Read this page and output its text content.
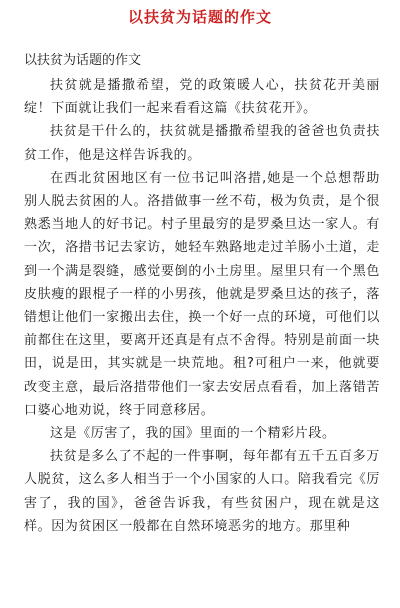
以扶贫为话题的作文
以扶贫为话题的作文

扶贫就是播撒希望，党的政策暖人心，扶贫花开美丽绽！下面就让我们一起来看看这篇《扶贫花开》。

扶贫是干什么的，扶贫就是播撒希望我的爸爸也负责扶贫工作，他是这样告诉我的。

在西北贫困地区有一位书记叫洛措,她是一个总想帮助别人脱去贫困的人。洛措做事一丝不苟，极为负责，是个很熟悉当地人的好书记。村子里最穷的是罗桑旦达一家人。有一次，洛措书记去家访，她轻车熟路地走过羊肠小土道，走到一个满是裂缝，感觉要倒的小土房里。屋里只有一个黑色皮肤瘦的跟棍子一样的小男孩，他就是罗桑旦达的孩子，落错想让他们一家搬出去住，换一个好一点的环境，可他们以前都住在这里，要离开还真是有点不舍得。特别是前面一块田，说是田，其实就是一块荒地。租?可租户一来，他就要改变主意，最后洛措带他们一家去安居点看看，加上落错苦口婆心地劝说，终于同意移居。

这是《厉害了，我的国》里面的一个精彩片段。

扶贫是多么了不起的一件事啊，每年都有五千五百多万人脱贫，这么多人相当于一个小国家的人口。陪我看完《厉害了，我的国》，爸爸告诉我，有些贫困户，现在就是这样。因为贫困区一般都在自然环境恶劣的地方。那里种
